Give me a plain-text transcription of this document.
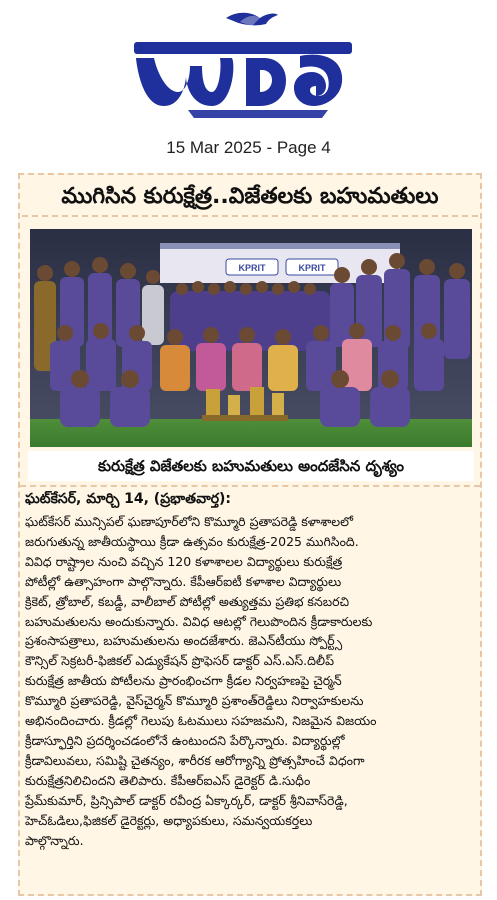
వార్త
15 Mar 2025 - Page 4
ముగిసిన కురుక్షేత్ర..విజేతలకు బహుమతులు
KPRIT	KPRIT
కురుక్షేత్ర విజేతలకు బహుమతులు అందజేసిన దృశ్యం
ఘట్‌కేసర్, మార్చి 14, (ప్రభాతవార్త):

ఘట్‌కేసర్ మున్సిపల్ ఘణాపూర్‌లోని కొమ్మూరి ప్రతాపరెడ్డి కళాశాలలో

జరుగుతున్న జాతీయస్థాయి క్రీడా ఉత్సవం కురుక్షేత్ర-2025 ముగిసింది.

వివిధ రాష్ట్రాల నుంచి వచ్చిన 120 కళాశాలల విద్యార్థులు కురుక్షేత్ర

పోటీల్లో ఉత్సాహంగా పాల్గొన్నారు. కేపీఆర్‌ఐటీ కళాశాల విద్యార్థులు

క్రికెట్, త్రోబాల్, కబడ్డీ, వాలీబాల్ పోటీల్లో అత్యుత్తమ ప్రతిభ కనబరచి

బహుమతులను అందుకున్నారు. వివిధ ఆటల్లో గెలుపొందిన క్రీడాకారులకు

ప్రశంసాపత్రాలు, బహుమతులను అందజేశారు. జెఎన్‌టీయు స్పోర్ట్స్

కౌన్సిల్ సెక్రటరీ-ఫిజికల్ ఎడ్యుకేషన్ ప్రొఫెసర్ డాక్టర్ ఎస్.ఎస్.దిలీప్

కురుక్షేత్ర జాతీయ పోటీలను ప్రారంభించగా క్రీడల నిర్వహణపై చైర్మన్

కొమ్మూరి ప్రతాపరెడ్డి, వైస్‌చైర్మన్ కొమ్మూరి ప్రశాంత్‌రెడ్డిలు నిర్వాహకులను

అభినందించారు. క్రీడల్లో గెలుపు ఓటములు సహజమని, నిజమైన విజయం

క్రీడాస్ఫూర్తిని ప్రదర్శించడంలోనే ఉంటుందని పేర్కొన్నారు. విద్యార్థుల్లో

క్రీడావిలువలు, సమిష్టి చైతన్యం, శారీరక ఆరోగ్యాన్ని ప్రోత్సహించే విధంగా

కురుక్షేత్రనిలిచిందని తెలిపారు. కేపీఆర్‌ఐఎస్ డైరెక్టర్ డి.సుధీం

ప్రేమ్‌కుమార్, ప్రిన్సిపాల్ డాక్టర్ రవీంద్ర ఏక్కార్కర్, డాక్టర్ శ్రీనివాస్‌రెడ్డి,

హెచ్ఓడిలు,ఫిజికల్ డైరెక్టర్లు, అధ్యాపకులు, సమన్వయకర్తలు

పాల్గొన్నారు.
